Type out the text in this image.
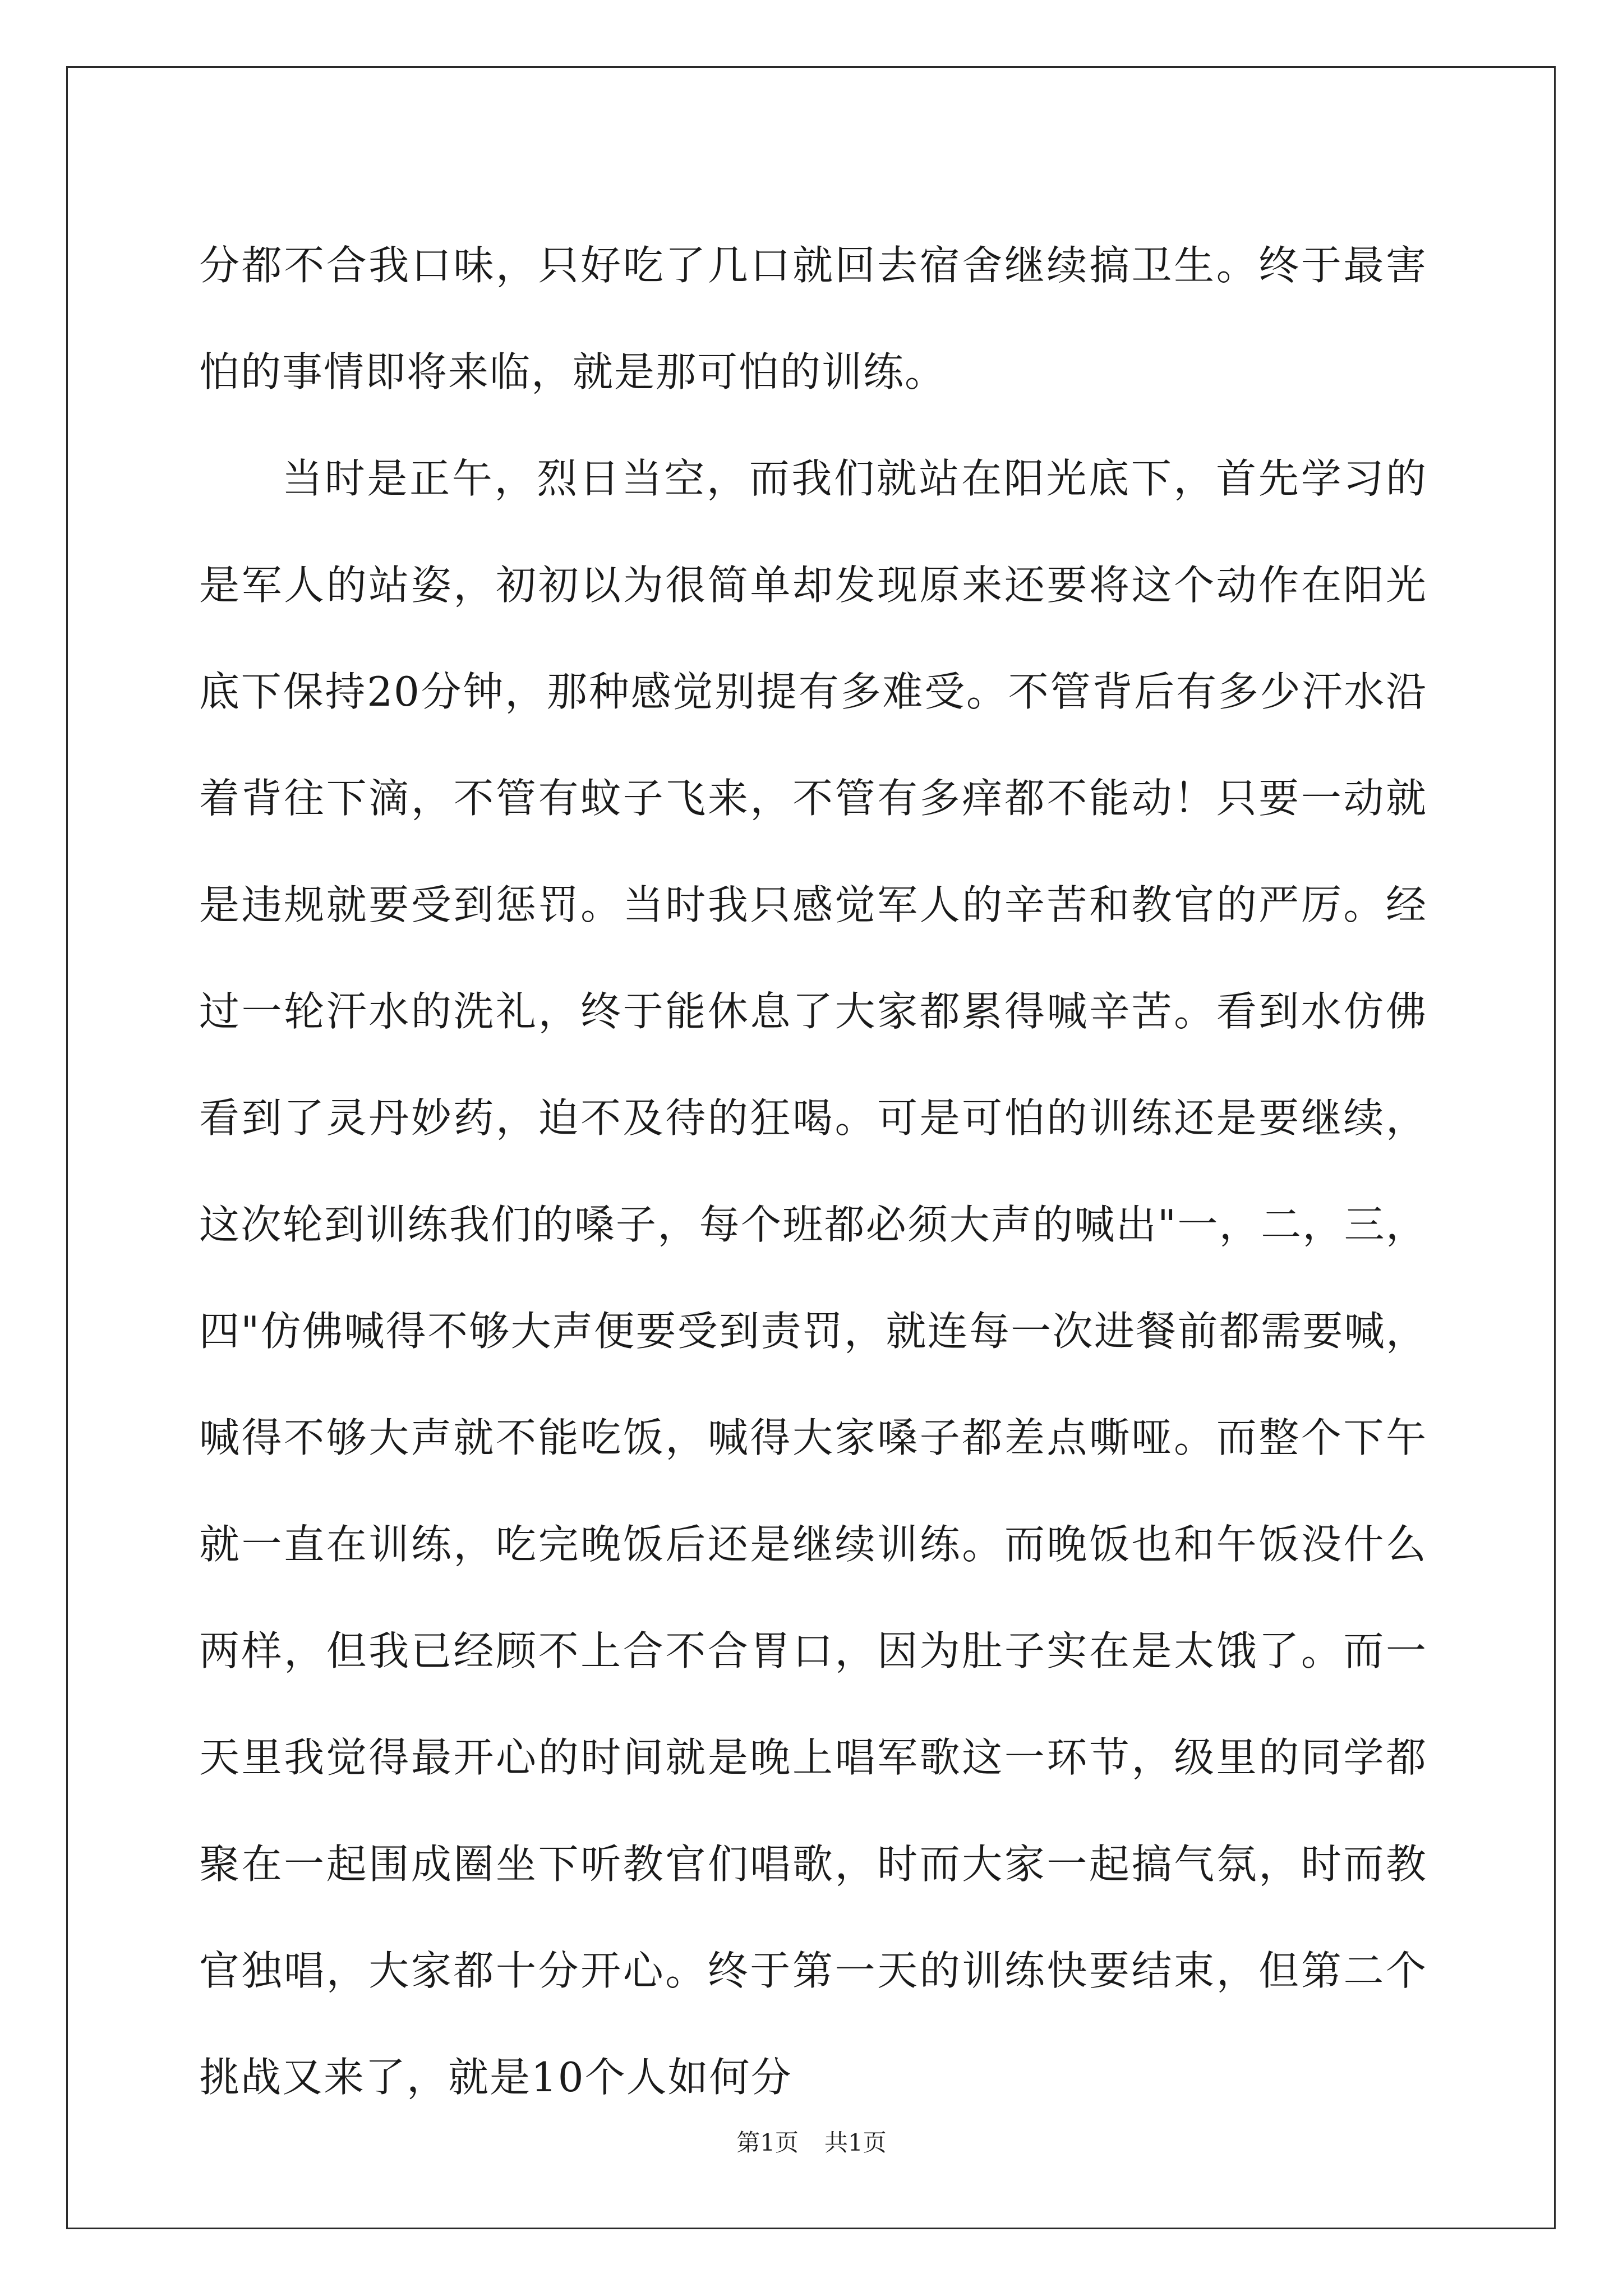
分都不合我口味，只好吃了几口就回去宿舍继续搞卫生。终于最害怕的事情即将来临，就是那可怕的训练。

当时是正午，烈日当空，而我们就站在阳光底下，首先学习的是军人的站姿，初初以为很简单却发现原来还要将这个动作在阳光底下保持20分钟，那种感觉别提有多难受。不管背后有多少汗水沿着背往下滴，不管有蚊子飞来，不管有多痒都不能动！只要一动就是违规就要受到惩罚。当时我只感觉军人的辛苦和教官的严厉。经过一轮汗水的洗礼，终于能休息了大家都累得喊辛苦。看到水仿佛看到了灵丹妙药，迫不及待的狂喝。可是可怕的训练还是要继续，这次轮到训练我们的嗓子，每个班都必须大声的喊出"一，二，三，四"仿佛喊得不够大声便要受到责罚，就连每一次进餐前都需要喊，喊得不够大声就不能吃饭，喊得大家嗓子都差点嘶哑。而整个下午就一直在训练，吃完晚饭后还是继续训练。而晚饭也和午饭没什么两样，但我已经顾不上合不合胃口，因为肚子实在是太饿了。而一天里我觉得最开心的时间就是晚上唱军歌这一环节，级里的同学都聚在一起围成圈坐下听教官们唱歌，时而大家一起搞气氛，时而教官独唱，大家都十分开心。终于第一天的训练快要结束，但第二个挑战又来了，就是10个人如何分

第1页 共1页
